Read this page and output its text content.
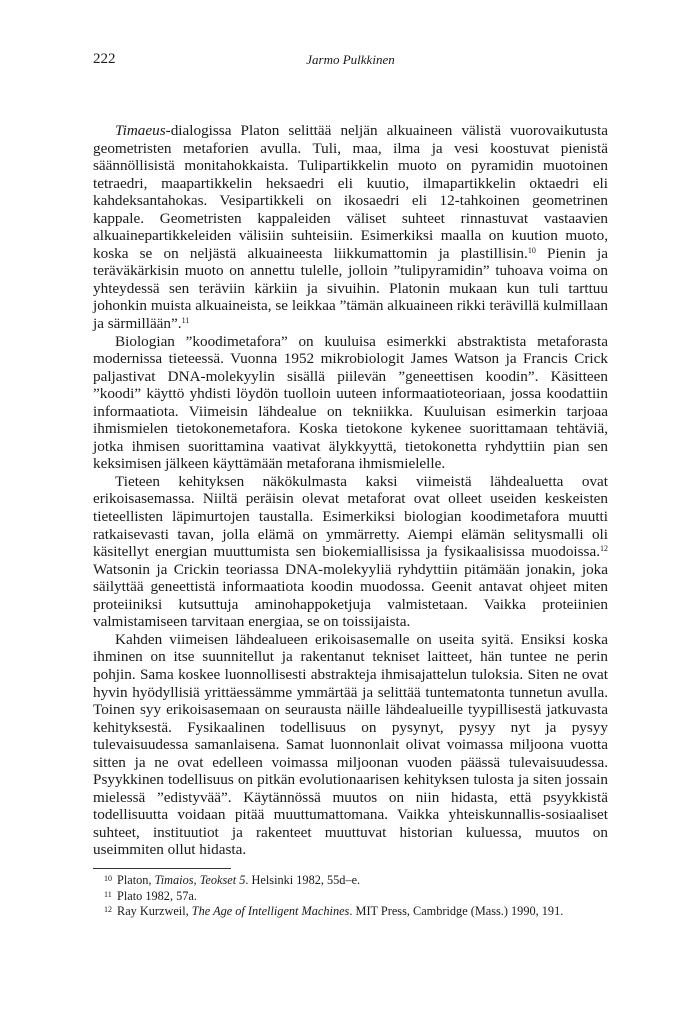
222	Jarmo Pulkkinen

Timaeus-dialogissa Platon selittää neljän alkuaineen välistä vuorovaikutusta geometristen metaforien avulla. Tuli, maa, ilma ja vesi koostuvat pienistä säännöllisistä monitahokkaista. Tulipartikkelin muoto on pyramidin muotoinen tetraedri, maapartikkelin heksaedri eli kuutio, ilmapartikkelin oktaedri eli kahdeksantahokas. Vesipartikkeli on ikosaedri eli 12-tahkoinen geometrinen kappale. Geometristen kappaleiden väliset suhteet rinnastuvat vastaavien alkuainepartikkeleiden välisiin suhteisiin. Esimerkiksi maalla on kuution muoto, koska se on neljästä alkuaineesta liikkumattomin ja plastillisin.$^{10}$ Pienin ja teräväkärkisin muoto on annettu tulelle, jolloin ”tulipyramidin” tuhoava voima on yhteydessä sen teräviin kärkiin ja sivuihin. Platonin mukaan kun tuli tarttuu johonkin muista alkuaineista, se leikkaa ”tämän alkuaineen rikki terävillä kulmillaan ja särmillään”.$^{11}$

Biologian ”koodimetafora” on kuuluisa esimerkki abstraktista metaforasta modernissa tieteessä. Vuonna 1952 mikrobiologit James Watson ja Francis Crick paljastivat DNA-molekyylin sisällä piilevän ”geneettisen koodin”. Käsitteen ”koodi” käyttö yhdisti löydön tuolloin uuteen informaatioteoriaan, jossa koodattiin informaatiota. Viimeisin lähdealue on tekniikka. Kuuluisan esimerkin tarjoaa ihmismielen tietokonemetafora. Koska tietokone kykenee suorittamaan tehtäviä, jotka ihmisen suorittamina vaativat älykkyyttä, tietokonetta ryhdyttiin pian sen keksimisen jälkeen käyttämään metaforana ihmismielelle.

Tieteen kehityksen näkökulmasta kaksi viimeistä lähdealuetta ovat erikoisasemassa. Niiltä peräisin olevat metaforat ovat olleet useiden keskeisten tieteellisten läpimurtojen taustalla. Esimerkiksi biologian koodimetafora muutti ratkaisevasti tavan, jolla elämä on ymmärretty. Aiempi elämän selitysmalli oli käsitellyt energian muuttumista sen biokemiallisissa ja fysikaalisissa muodoissa.$^{12}$ Watsonin ja Crickin teoriassa DNA-molekyyliä ryhdyttiin pitämään jonakin, joka säilyttää geneettistä informaatiota koodin muodossa. Geenit antavat ohjeet miten proteiiniksi kutsuttuja aminohappoketjuja valmistetaan. Vaikka proteiinien valmistamiseen tarvitaan energiaa, se on toissijaista.

Kahden viimeisen lähdealueen erikoisasemalle on useita syitä. Ensiksi koska ihminen on itse suunnitellut ja rakentanut tekniset laitteet, hän tuntee ne perin pohjin. Sama koskee luonnollisesti abstrakteja ihmisajattelun tuloksia. Siten ne ovat hyvin hyödyllisiä yrittäessämme ymmärtää ja selittää tuntematonta tunnetun avulla. Toinen syy erikoisasemaan on seurausta näille lähdealueille tyypillisestä jatkuvasta kehityksestä. Fysikaalinen todellisuus on pysynyt, pysyy nyt ja pysyy tulevaisuudessa samanlaisena. Samat luonnonlait olivat voimassa miljoona vuotta sitten ja ne ovat edelleen voimassa miljoonan vuoden päässä tulevaisuudessa. Psyykkinen todellisuus on pitkän evolutionaarisen kehityksen tulosta ja siten jossain mielessä ”edistyvää”. Käytännössä muutos on niin hidasta, että psyykkistä todellisuutta voidaan pitää muuttumattomana. Vaikka yhteiskunnallis-sosiaaliset suhteet, instituutiot ja rakenteet muuttuvat historian kuluessa, muutos on useimmiten ollut hidasta.

10 Platon, Timaios, Teokset 5. Helsinki 1982, 55d–e.
11 Plato 1982, 57a.
12 Ray Kurzweil, The Age of Intelligent Machines. MIT Press, Cambridge (Mass.) 1990, 191.
